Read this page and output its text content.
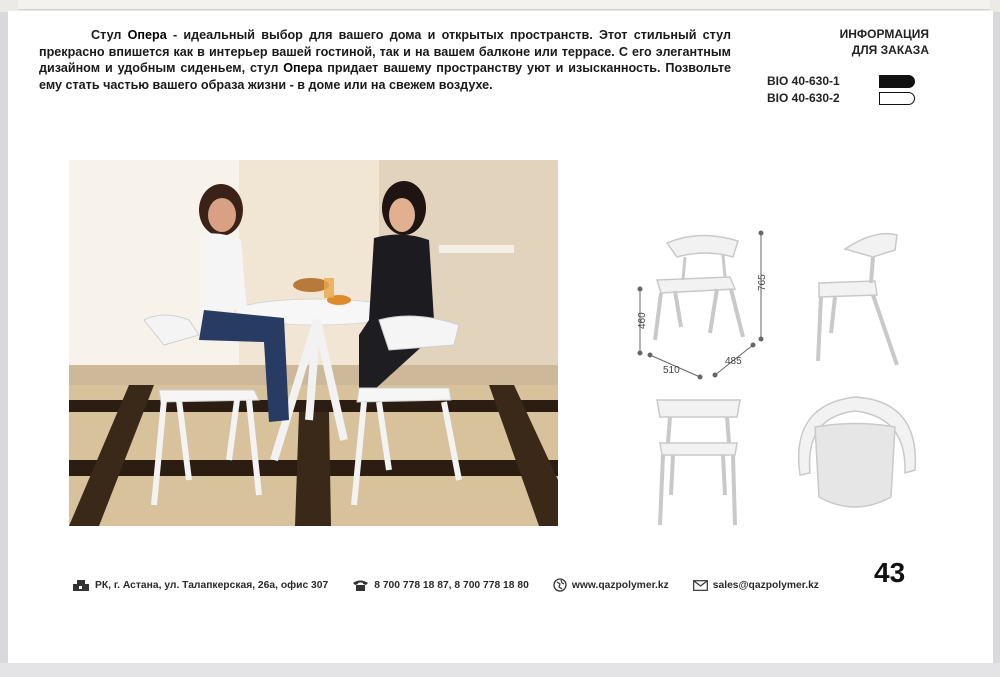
Стул Опера - идеальный выбор для вашего дома и открытых пространств. Этот стильный стул прекрасно впишется как в интерьер вашей гостиной, так и на вашем балконе или террасе. С его элегантным дизайном и удобным сиденьем, стул Опера придает вашему пространству уют и изысканность. Позвольте ему стать частью вашего образа жизни - в доме или на свежем воздухе.

ИНФОРМАЦИЯ
ДЛЯ ЗАКАЗА
BIO 40-630-1
BIO 40-630-2
765
460
510
485
РК, г. Астана, ул. Талапкерская, 26а, офис 307	8 700 778 18 87, 8 700 778 18 80	www.qazpolymer.kz	sales@qazpolymer.kz 43
